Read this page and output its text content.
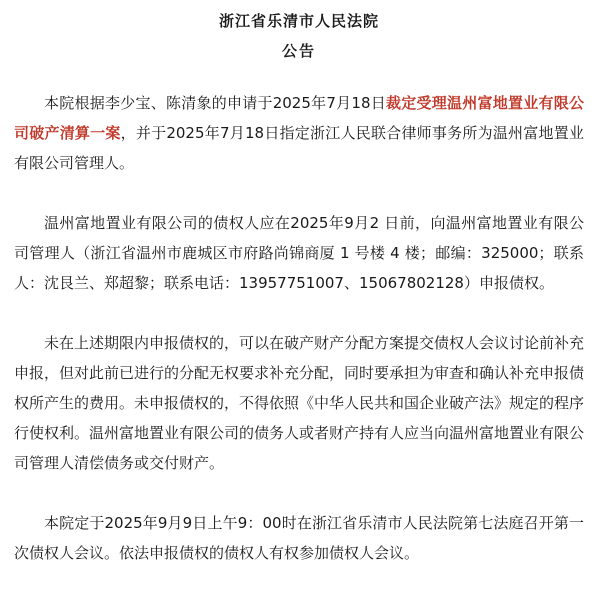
浙江省乐清市人民法院
公告

本院根据李少宝、陈清象的申请于2025年7月18日裁定受理温州富地置业有限公司破产清算一案，并于2025年7月18日指定浙江人民联合律师事务所为温州富地置业有限公司管理人。

温州富地置业有限公司的债权人应在2025年9月2 日前，向温州富地置业有限公司管理人（浙江省温州市鹿城区市府路尚锦商厦 1 号楼 4 楼；邮编：325000；联系人：沈艮兰、郑超黎；联系电话：13957751007、15067802128）申报债权。

未在上述期限内申报债权的，可以在破产财产分配方案提交债权人会议讨论前补充申报，但对此前已进行的分配无权要求补充分配，同时要承担为审查和确认补充申报债权所产生的费用。未申报债权的，不得依照《中华人民共和国企业破产法》规定的程序行使权利。温州富地置业有限公司的债务人或者财产持有人应当向温州富地置业有限公司管理人清偿债务或交付财产。

本院定于2025年9月9日上午9：00时在浙江省乐清市人民法院第七法庭召开第一次债权人会议。依法申报债权的债权人有权参加债权人会议。
